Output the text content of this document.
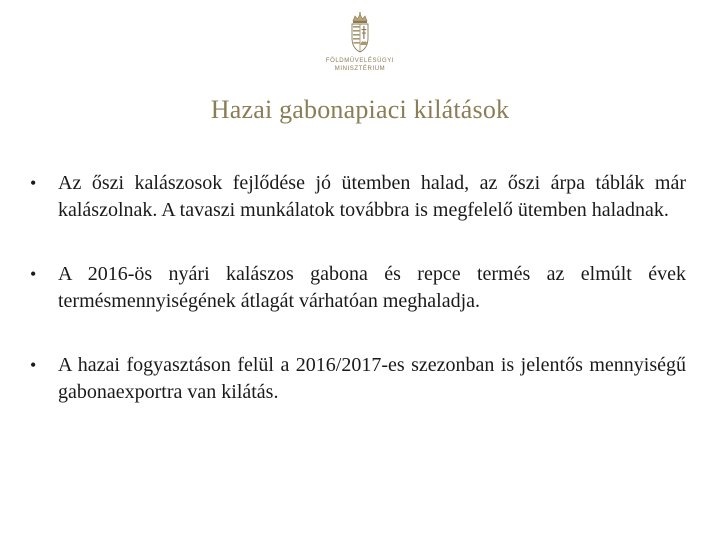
FÖLDMŰVELÉSÜGYI
MINISZTÉRIUM
Hazai gabonapiaci kilátások
• Az őszi kalászosok fejlődése jó ütemben halad, az őszi árpa táblák már kalászolnak. A tavaszi munkálatok továbbra is megfelelő ütemben haladnak.
• A 2016-ös nyári kalászos gabona és repce termés az elmúlt évek termésmennyiségének átlagát várhatóan meghaladja.
• A hazai fogyasztáson felül a 2016/2017-es szezonban is jelentős mennyiségű gabonaexportra van kilátás.
